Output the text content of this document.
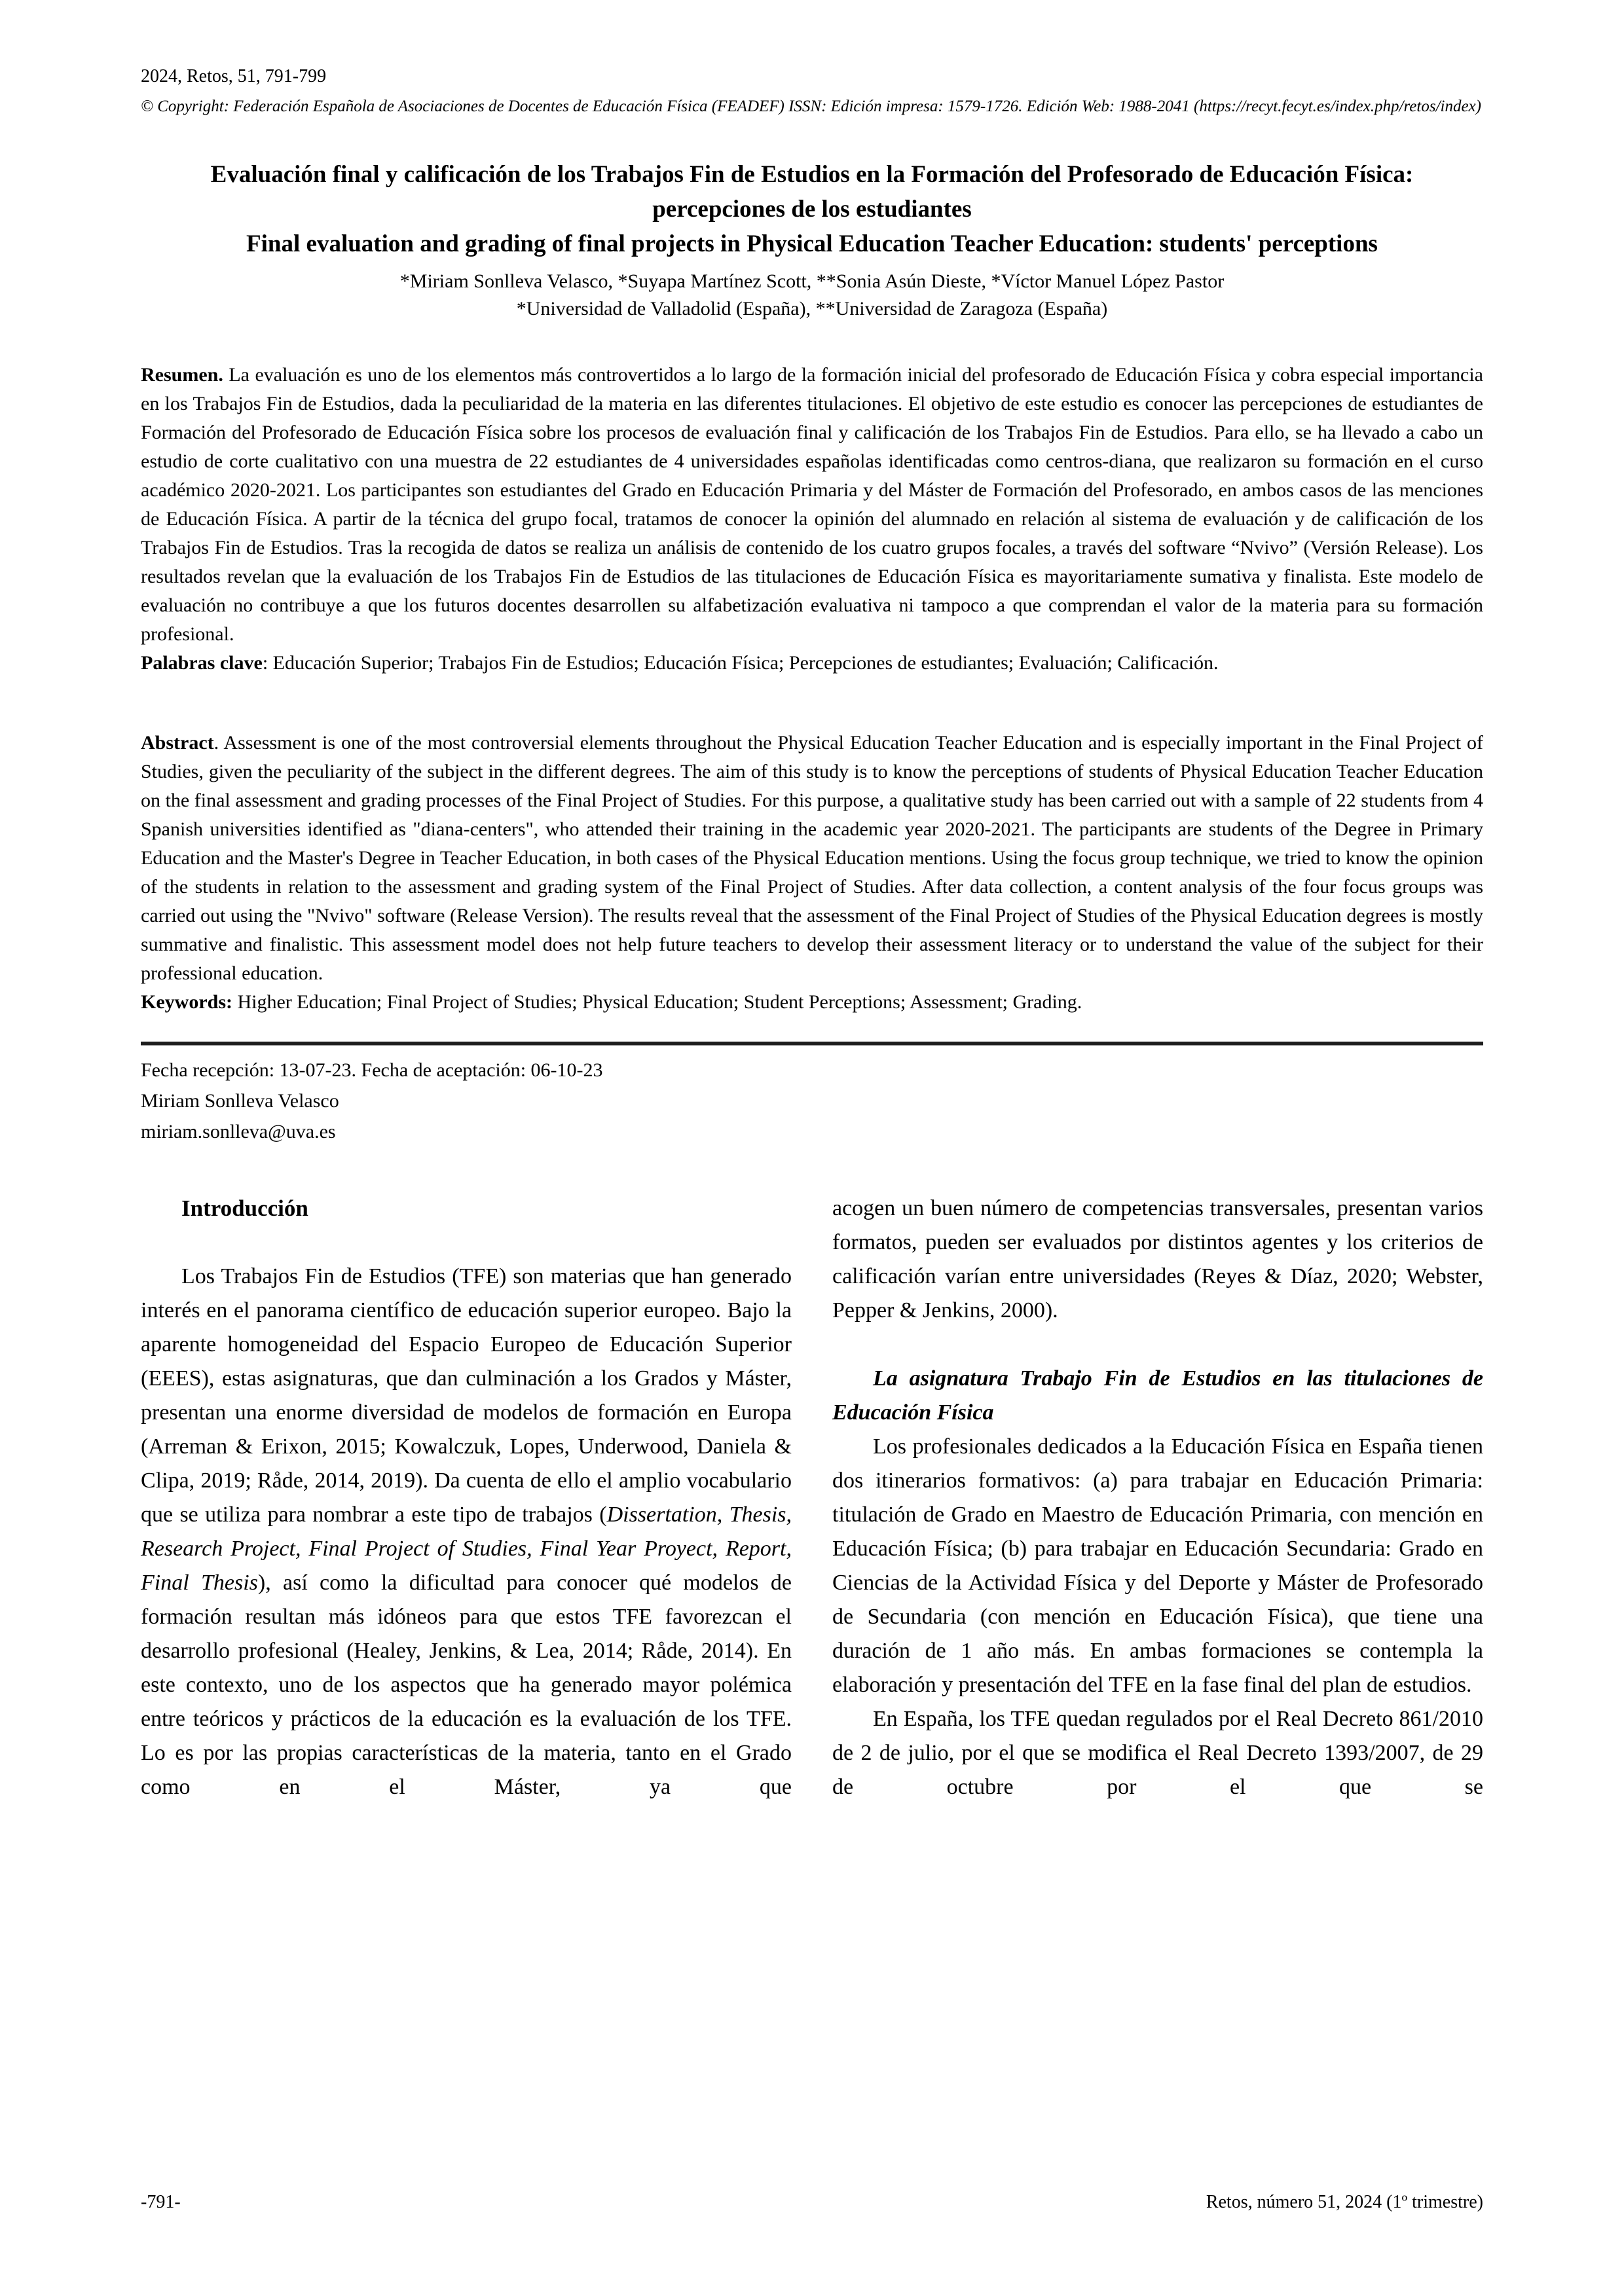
2024, Retos, 51, 791-799
© Copyright: Federación Española de Asociaciones de Docentes de Educación Física (FEADEF) ISSN: Edición impresa: 1579-1726. Edición Web: 1988-2041 (https://recyt.fecyt.es/index.php/retos/index)
Evaluación final y calificación de los Trabajos Fin de Estudios en la Formación del Profesorado de Educación Física: percepciones de los estudiantes
Final evaluation and grading of final projects in Physical Education Teacher Education: students' perceptions
*Miriam Sonlleva Velasco, *Suyapa Martínez Scott, **Sonia Asún Dieste, *Víctor Manuel López Pastor
*Universidad de Valladolid (España), **Universidad de Zaragoza (España)

Resumen. La evaluación es uno de los elementos más controvertidos a lo largo de la formación inicial del profesorado de Educación Física y cobra especial importancia en los Trabajos Fin de Estudios, dada la peculiaridad de la materia en las diferentes titulaciones. El objetivo de este estudio es conocer las percepciones de estudiantes de Formación del Profesorado de Educación Física sobre los procesos de evaluación final y calificación de los Trabajos Fin de Estudios. Para ello, se ha llevado a cabo un estudio de corte cualitativo con una muestra de 22 estudiantes de 4 universidades españolas identificadas como centros-diana, que realizaron su formación en el curso académico 2020-2021. Los participantes son estudiantes del Grado en Educación Primaria y del Máster de Formación del Profesorado, en ambos casos de las menciones de Educación Física. A partir de la técnica del grupo focal, tratamos de conocer la opinión del alumnado en relación al sistema de evaluación y de calificación de los Trabajos Fin de Estudios. Tras la recogida de datos se realiza un análisis de contenido de los cuatro grupos focales, a través del software “Nvivo” (Versión Release). Los resultados revelan que la evaluación de los Trabajos Fin de Estudios de las titulaciones de Educación Física es mayoritariamente sumativa y finalista. Este modelo de evaluación no contribuye a que los futuros docentes desarrollen su alfabetización evaluativa ni tampoco a que comprendan el valor de la materia para su formación profesional.

Palabras clave: Educación Superior; Trabajos Fin de Estudios; Educación Física; Percepciones de estudiantes; Evaluación; Calificación.

Abstract. Assessment is one of the most controversial elements throughout the Physical Education Teacher Education and is especially important in the Final Project of Studies, given the peculiarity of the subject in the different degrees. The aim of this study is to know the perceptions of students of Physical Education Teacher Education on the final assessment and grading processes of the Final Project of Studies. For this purpose, a qualitative study has been carried out with a sample of 22 students from 4 Spanish universities identified as "diana-centers", who attended their training in the academic year 2020-2021. The participants are students of the Degree in Primary Education and the Master's Degree in Teacher Education, in both cases of the Physical Education mentions. Using the focus group technique, we tried to know the opinion of the students in relation to the assessment and grading system of the Final Project of Studies. After data collection, a content analysis of the four focus groups was carried out using the "Nvivo" software (Release Version). The results reveal that the assessment of the Final Project of Studies of the Physical Education degrees is mostly summative and finalistic. This assessment model does not help future teachers to develop their assessment literacy or to understand the value of the subject for their professional education.

Keywords: Higher Education; Final Project of Studies; Physical Education; Student Perceptions; Assessment; Grading.

Fecha recepción: 13-07-23. Fecha de aceptación: 06-10-23
Miriam Sonlleva Velasco
miriam.sonlleva@uva.es
Introducción

Los Trabajos Fin de Estudios (TFE) son materias que han generado interés en el panorama científico de educación superior europeo. Bajo la aparente homogeneidad del Espacio Europeo de Educación Superior (EEES), estas asignaturas, que dan culminación a los Grados y Máster, presentan una enorme diversidad de modelos de formación en Europa (Arreman & Erixon, 2015; Kowalczuk, Lopes, Underwood, Daniela & Clipa, 2019; Råde, 2014, 2019). Da cuenta de ello el amplio vocabulario que se utiliza para nombrar a este tipo de trabajos (Dissertation, Thesis, Research Project, Final Project of Studies, Final Year Proyect, Report, Final Thesis), así como la dificultad para conocer qué modelos de formación resultan más idóneos para que estos TFE favorezcan el desarrollo profesional (Healey, Jenkins, & Lea, 2014; Råde, 2014). En este contexto, uno de los aspectos que ha generado mayor polémica entre teóricos y prácticos de la educación es la evaluación de los TFE. Lo es por las propias características de la materia, tanto en el Grado como en el Máster, ya que

acogen un buen número de competencias transversales, presentan varios formatos, pueden ser evaluados por distintos agentes y los criterios de calificación varían entre universidades (Reyes & Díaz, 2020; Webster, Pepper & Jenkins, 2000).

La asignatura Trabajo Fin de Estudios en las titulaciones de Educación Física

Los profesionales dedicados a la Educación Física en España tienen dos itinerarios formativos: (a) para trabajar en Educación Primaria: titulación de Grado en Maestro de Educación Primaria, con mención en Educación Física; (b) para trabajar en Educación Secundaria: Grado en Ciencias de la Actividad Física y del Deporte y Máster de Profesorado de Secundaria (con mención en Educación Física), que tiene una duración de 1 año más. En ambas formaciones se contempla la elaboración y presentación del TFE en la fase final del plan de estudios.

En España, los TFE quedan regulados por el Real Decreto 861/2010 de 2 de julio, por el que se modifica el Real Decreto 1393/2007, de 29 de octubre por el que se

-791-	Retos, número 51, 2024 (1º trimestre)
